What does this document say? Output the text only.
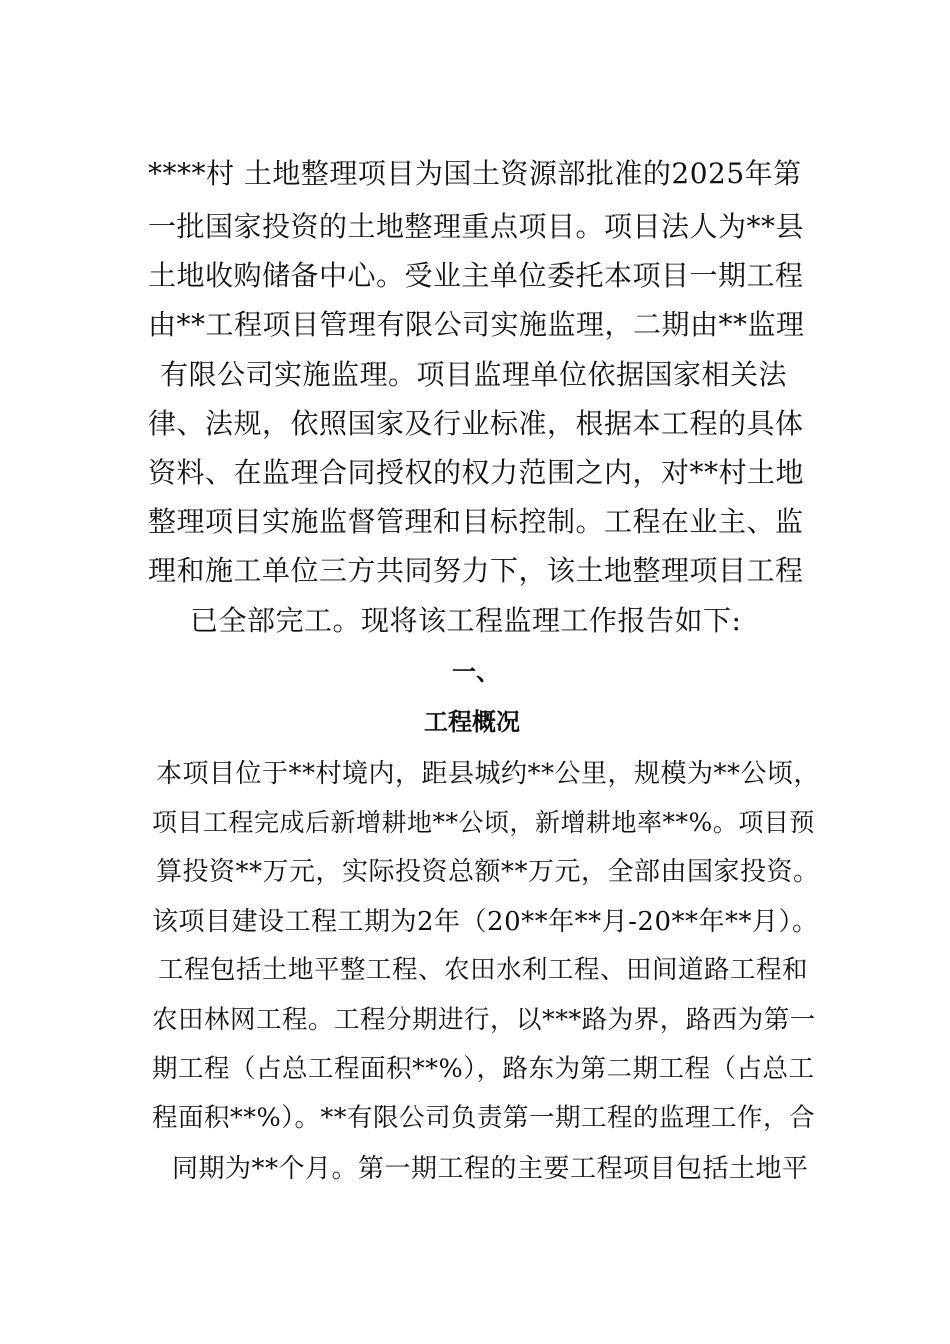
****村 土地整理项目为国土资源部批准的2025年第
一批国家投资的土地整理重点项目。项目法人为**县
土地收购储备中心。受业主单位委托本项目一期工程
由**工程项目管理有限公司实施监理，二期由**监理
有限公司实施监理。项目监理单位依据国家相关法
律、法规，依照国家及行业标准，根据本工程的具体
资料、在监理合同授权的权力范围之内，对**村土地
整理项目实施监督管理和目标控制。工程在业主、监
理和施工单位三方共同努力下，该土地整理项目工程
已全部完工。现将该工程监理工作报告如下:
一、
工程概况
本项目位于**村境内，距县城约**公里，规模为**公顷，
项目工程完成后新增耕地**公顷，新增耕地率**%。项目预
算投资**万元，实际投资总额**万元，全部由国家投资。
该项目建设工程工期为2年（20**年**月-20**年**月）。
工程包括土地平整工程、农田水利工程、田间道路工程和
农田林网工程。工程分期进行，以***路为界，路西为第一
期工程（占总工程面积**%），路东为第二期工程（占总工
程面积**%）。**有限公司负责第一期工程的监理工作，合
同期为**个月。第一期工程的主要工程项目包括土地平
